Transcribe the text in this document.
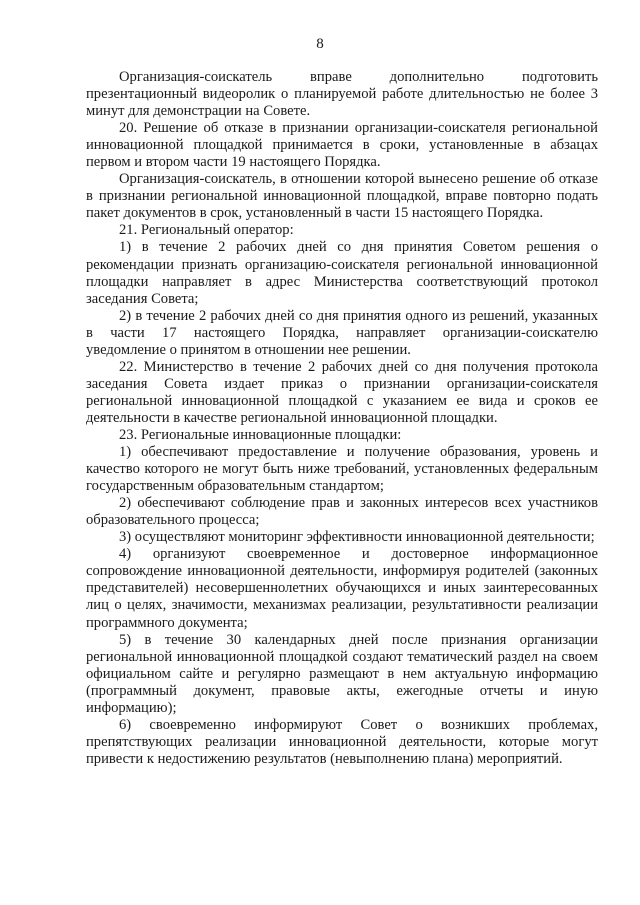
8

Организация-соискатель вправе дополнительно подготовить презентационный видеоролик о планируемой работе длительностью не более 3 минут для демонстрации на Совете.

20. Решение об отказе в признании организации-соискателя региональной инновационной площадкой принимается в сроки, установленные в абзацах первом и втором части 19 настоящего Порядка.

Организация-соискатель, в отношении которой вынесено решение об отказе в признании региональной инновационной площадкой, вправе повторно подать пакет документов в срок, установленный в части 15 настоящего Порядка.

21. Региональный оператор:

1) в течение 2 рабочих дней со дня принятия Советом решения о рекомендации признать организацию-соискателя региональной инновационной площадки направляет в адрес Министерства соответствующий протокол заседания Совета;

2) в течение 2 рабочих дней со дня принятия одного из решений, указанных в части 17 настоящего Порядка, направляет организации-соискателю уведомление о принятом в отношении нее решении.

22. Министерство в течение 2 рабочих дней со дня получения протокола заседания Совета издает приказ о признании организации-соискателя региональной инновационной площадкой с указанием ее вида и сроков ее деятельности в качестве региональной инновационной площадки.

23. Региональные инновационные площадки:

1) обеспечивают предоставление и получение образования, уровень и качество которого не могут быть ниже требований, установленных федеральным государственным образовательным стандартом;

2) обеспечивают соблюдение прав и законных интересов всех участников образовательного процесса;

3) осуществляют мониторинг эффективности инновационной деятельности;

4) организуют своевременное и достоверное информационное сопровождение инновационной деятельности, информируя родителей (законных представителей) несовершеннолетних обучающихся и иных заинтересованных лиц о целях, значимости, механизмах реализации, результативности реализации программного документа;

5) в течение 30 календарных дней после признания организации региональной инновационной площадкой создают тематический раздел на своем официальном сайте и регулярно размещают в нем актуальную информацию (программный документ, правовые акты, ежегодные отчеты и иную информацию);

6) своевременно информируют Совет о возникших проблемах, препятствующих реализации инновационной деятельности, которые могут привести к недостижению результатов (невыполнению плана) мероприятий.
